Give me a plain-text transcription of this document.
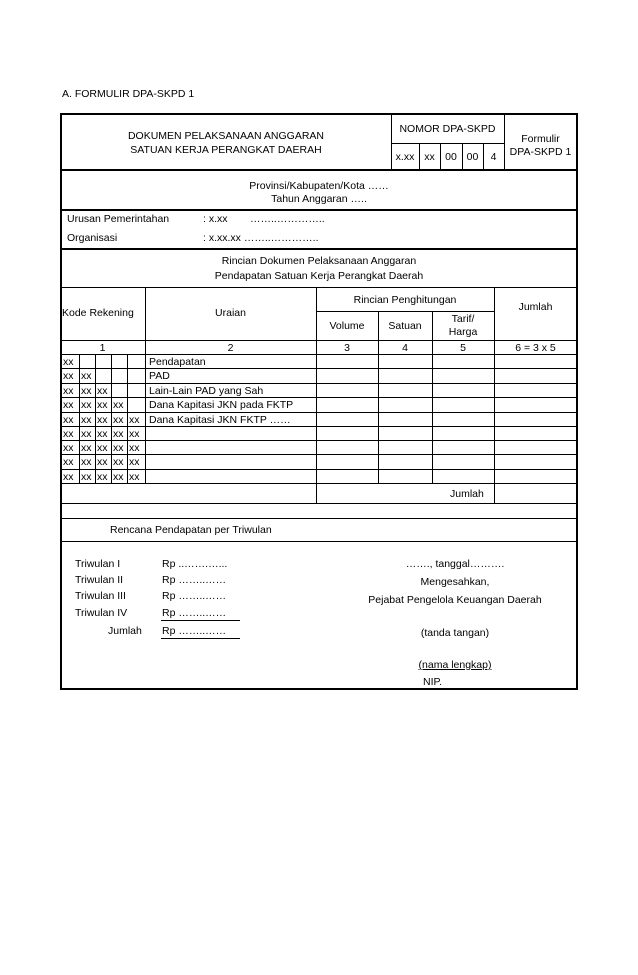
A. FORMULIR DPA-SKPD 1
DOKUMEN PELAKSANAAN ANGGARAN
SATUAN KERJA PERANGKAT DAERAH
NOMOR DPA-SKPD
x.xx xx 00 00	4
Formulir
DPA-SKPD 1
Provinsi/Kabupaten/Kota ……
Tahun Anggaran …..
Urusan Pemerintahan	: x.xx ……..…………..
Organisasi	: x.xx.xx ……..…………..
Rincian Dokumen Pelaksanaan Anggaran
Pendapatan Satuan Kerja Perangkat Daerah
Kode Rekening	Uraian
Rincian Penghitungan
Volume	Satuan
Tarif/
Harga
Jumlah
1	2	3	4	5	6 = 3 x 5
xx	Pendapatan
xx xx	PAD
xx xx xx	Lain-Lain PAD yang Sah
xx xx xx xx Dana Kapitasi JKN pada FKTP
xx xx xx xx xx Dana Kapitasi JKN FKTP ……
xx xx xx xx xx
xx xx xx xx xx
xx xx xx xx xx
xx xx xx xx xx
Jumlah
Rencana Pendapatan per Triwulan
Triwulan I	Rp ..…….…...
Triwulan II	Rp ……..……
Triwulan III	Rp ……..……
Triwulan IV	Rp ……..……
Jumlah Rp ……..……
……., tanggal……….
Mengesahkan,
Pejabat Pengelola Keuangan Daerah
(tanda tangan)
(nama lengkap)
NIP.
